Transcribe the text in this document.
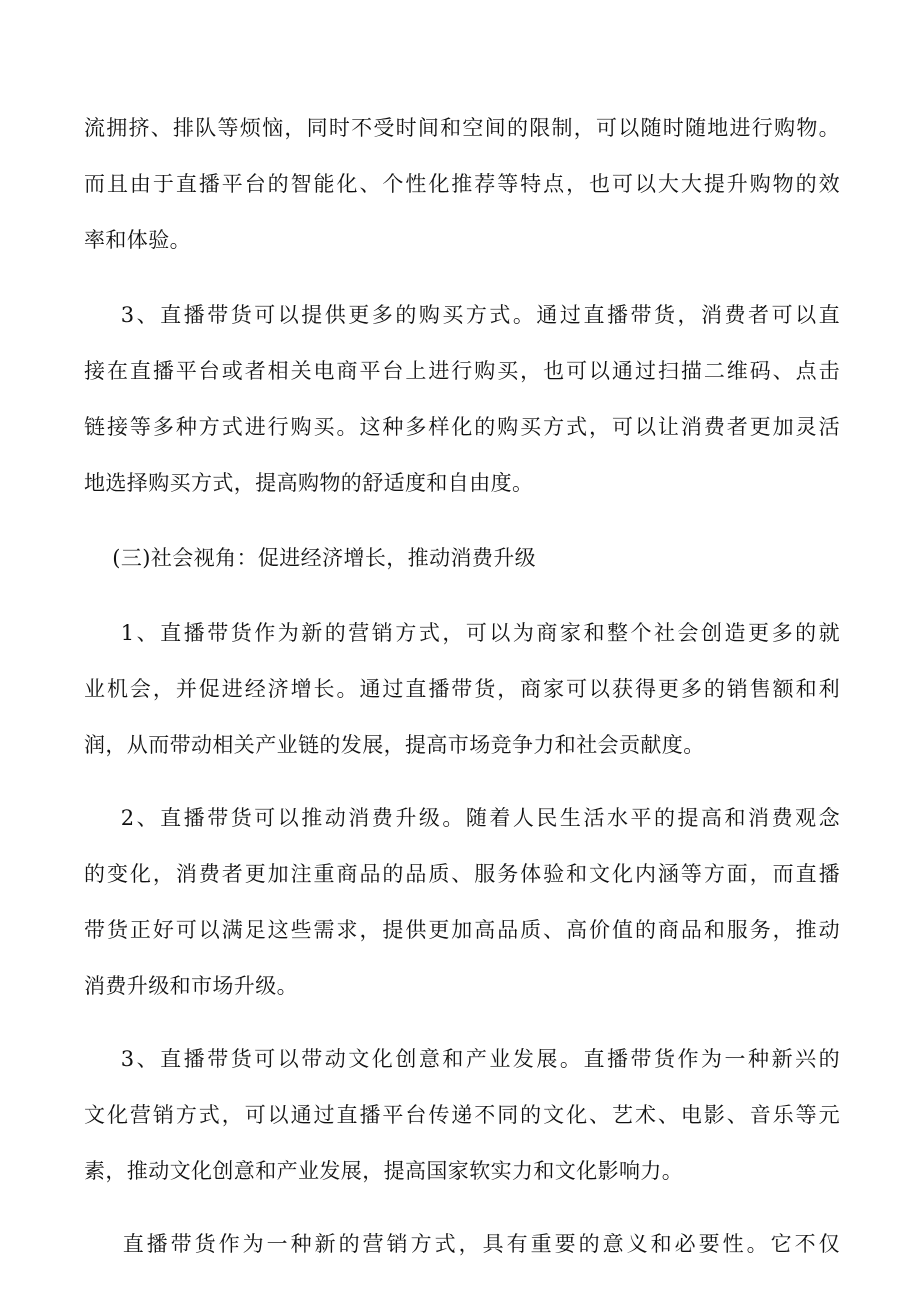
流拥挤、排队等烦恼，同时不受时间和空间的限制，可以随时随地进行购物。
而且由于直播平台的智能化、个性化推荐等特点，也可以大大提升购物的效
率和体验。

3、直播带货可以提供更多的购买方式。通过直播带货，消费者可以直
接在直播平台或者相关电商平台上进行购买，也可以通过扫描二维码、点击
链接等多种方式进行购买。这种多样化的购买方式，可以让消费者更加灵活
地选择购买方式，提高购物的舒适度和自由度。

(三)社会视角：促进经济增长，推动消费升级

1、直播带货作为新的营销方式，可以为商家和整个社会创造更多的就
业机会，并促进经济增长。通过直播带货，商家可以获得更多的销售额和利
润，从而带动相关产业链的发展，提高市场竞争力和社会贡献度。

2、直播带货可以推动消费升级。随着人民生活水平的提高和消费观念
的变化，消费者更加注重商品的品质、服务体验和文化内涵等方面，而直播
带货正好可以满足这些需求，提供更加高品质、高价值的商品和服务，推动
消费升级和市场升级。

3、直播带货可以带动文化创意和产业发展。直播带货作为一种新兴的
文化营销方式，可以通过直播平台传递不同的文化、艺术、电影、音乐等元
素，推动文化创意和产业发展，提高国家软实力和文化影响力。

直播带货作为一种新的营销方式，具有重要的意义和必要性。它不仅
